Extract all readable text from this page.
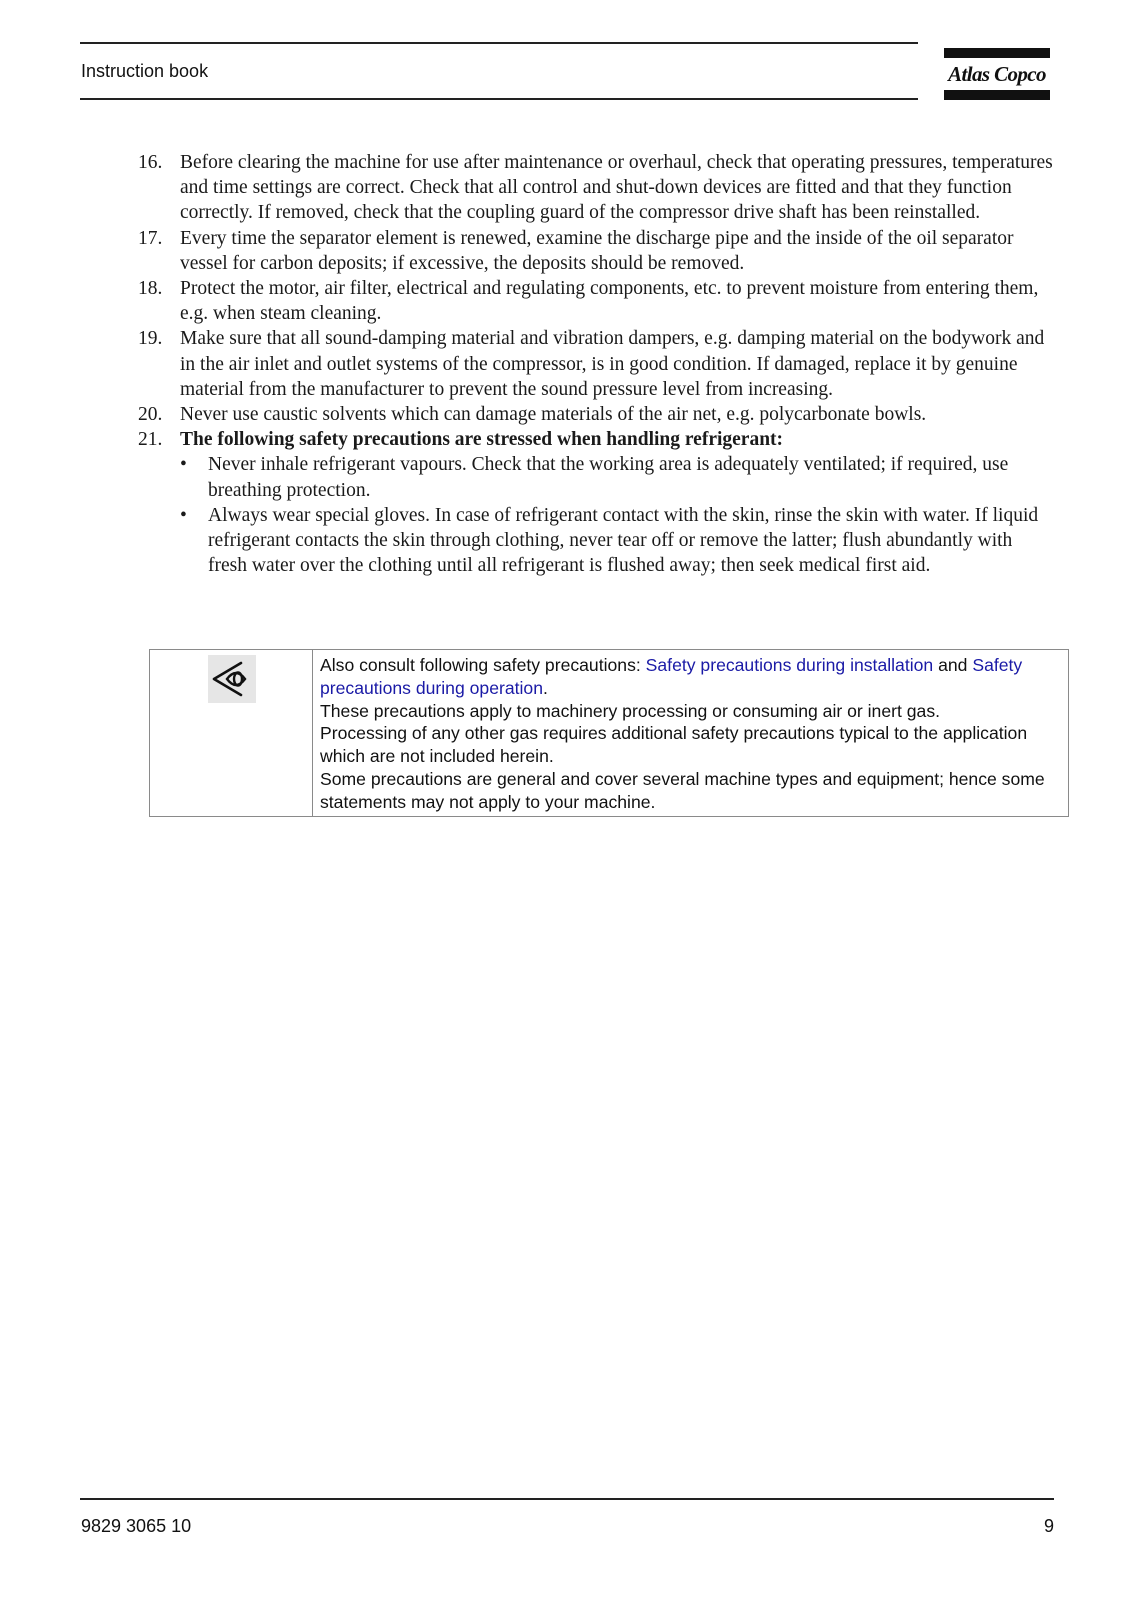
Instruction book	Atlas Copco
16. Before clearing the machine for use after maintenance or overhaul, check that operating pressures, temperatures and time settings are correct. Check that all control and shut-down devices are fitted and that they function correctly. If removed, check that the coupling guard of the compressor drive shaft has been reinstalled.
17. Every time the separator element is renewed, examine the discharge pipe and the inside of the oil separator vessel for carbon deposits; if excessive, the deposits should be removed.
18. Protect the motor, air filter, electrical and regulating components, etc. to prevent moisture from entering them, e.g. when steam cleaning.
19. Make sure that all sound-damping material and vibration dampers, e.g. damping material on the bodywork and in the air inlet and outlet systems of the compressor, is in good condition. If damaged, replace it by genuine material from the manufacturer to prevent the sound pressure level from increasing.
20. Never use caustic solvents which can damage materials of the air net, e.g. polycarbonate bowls.
21. The following safety precautions are stressed when handling refrigerant:
• Never inhale refrigerant vapours. Check that the working area is adequately ventilated; if required, use breathing protection.
• Always wear special gloves. In case of refrigerant contact with the skin, rinse the skin with water. If liquid refrigerant contacts the skin through clothing, never tear off or remove the latter; flush abundantly with fresh water over the clothing until all refrigerant is flushed away; then seek medical first aid.

Also consult following safety precautions: Safety precautions during installation and Safety precautions during operation.

These precautions apply to machinery processing or consuming air or inert gas.

Processing of any other gas requires additional safety precautions typical to the application which are not included herein.

Some precautions are general and cover several machine types and equipment; hence some statements may not apply to your machine.

9829 3065 10	9
